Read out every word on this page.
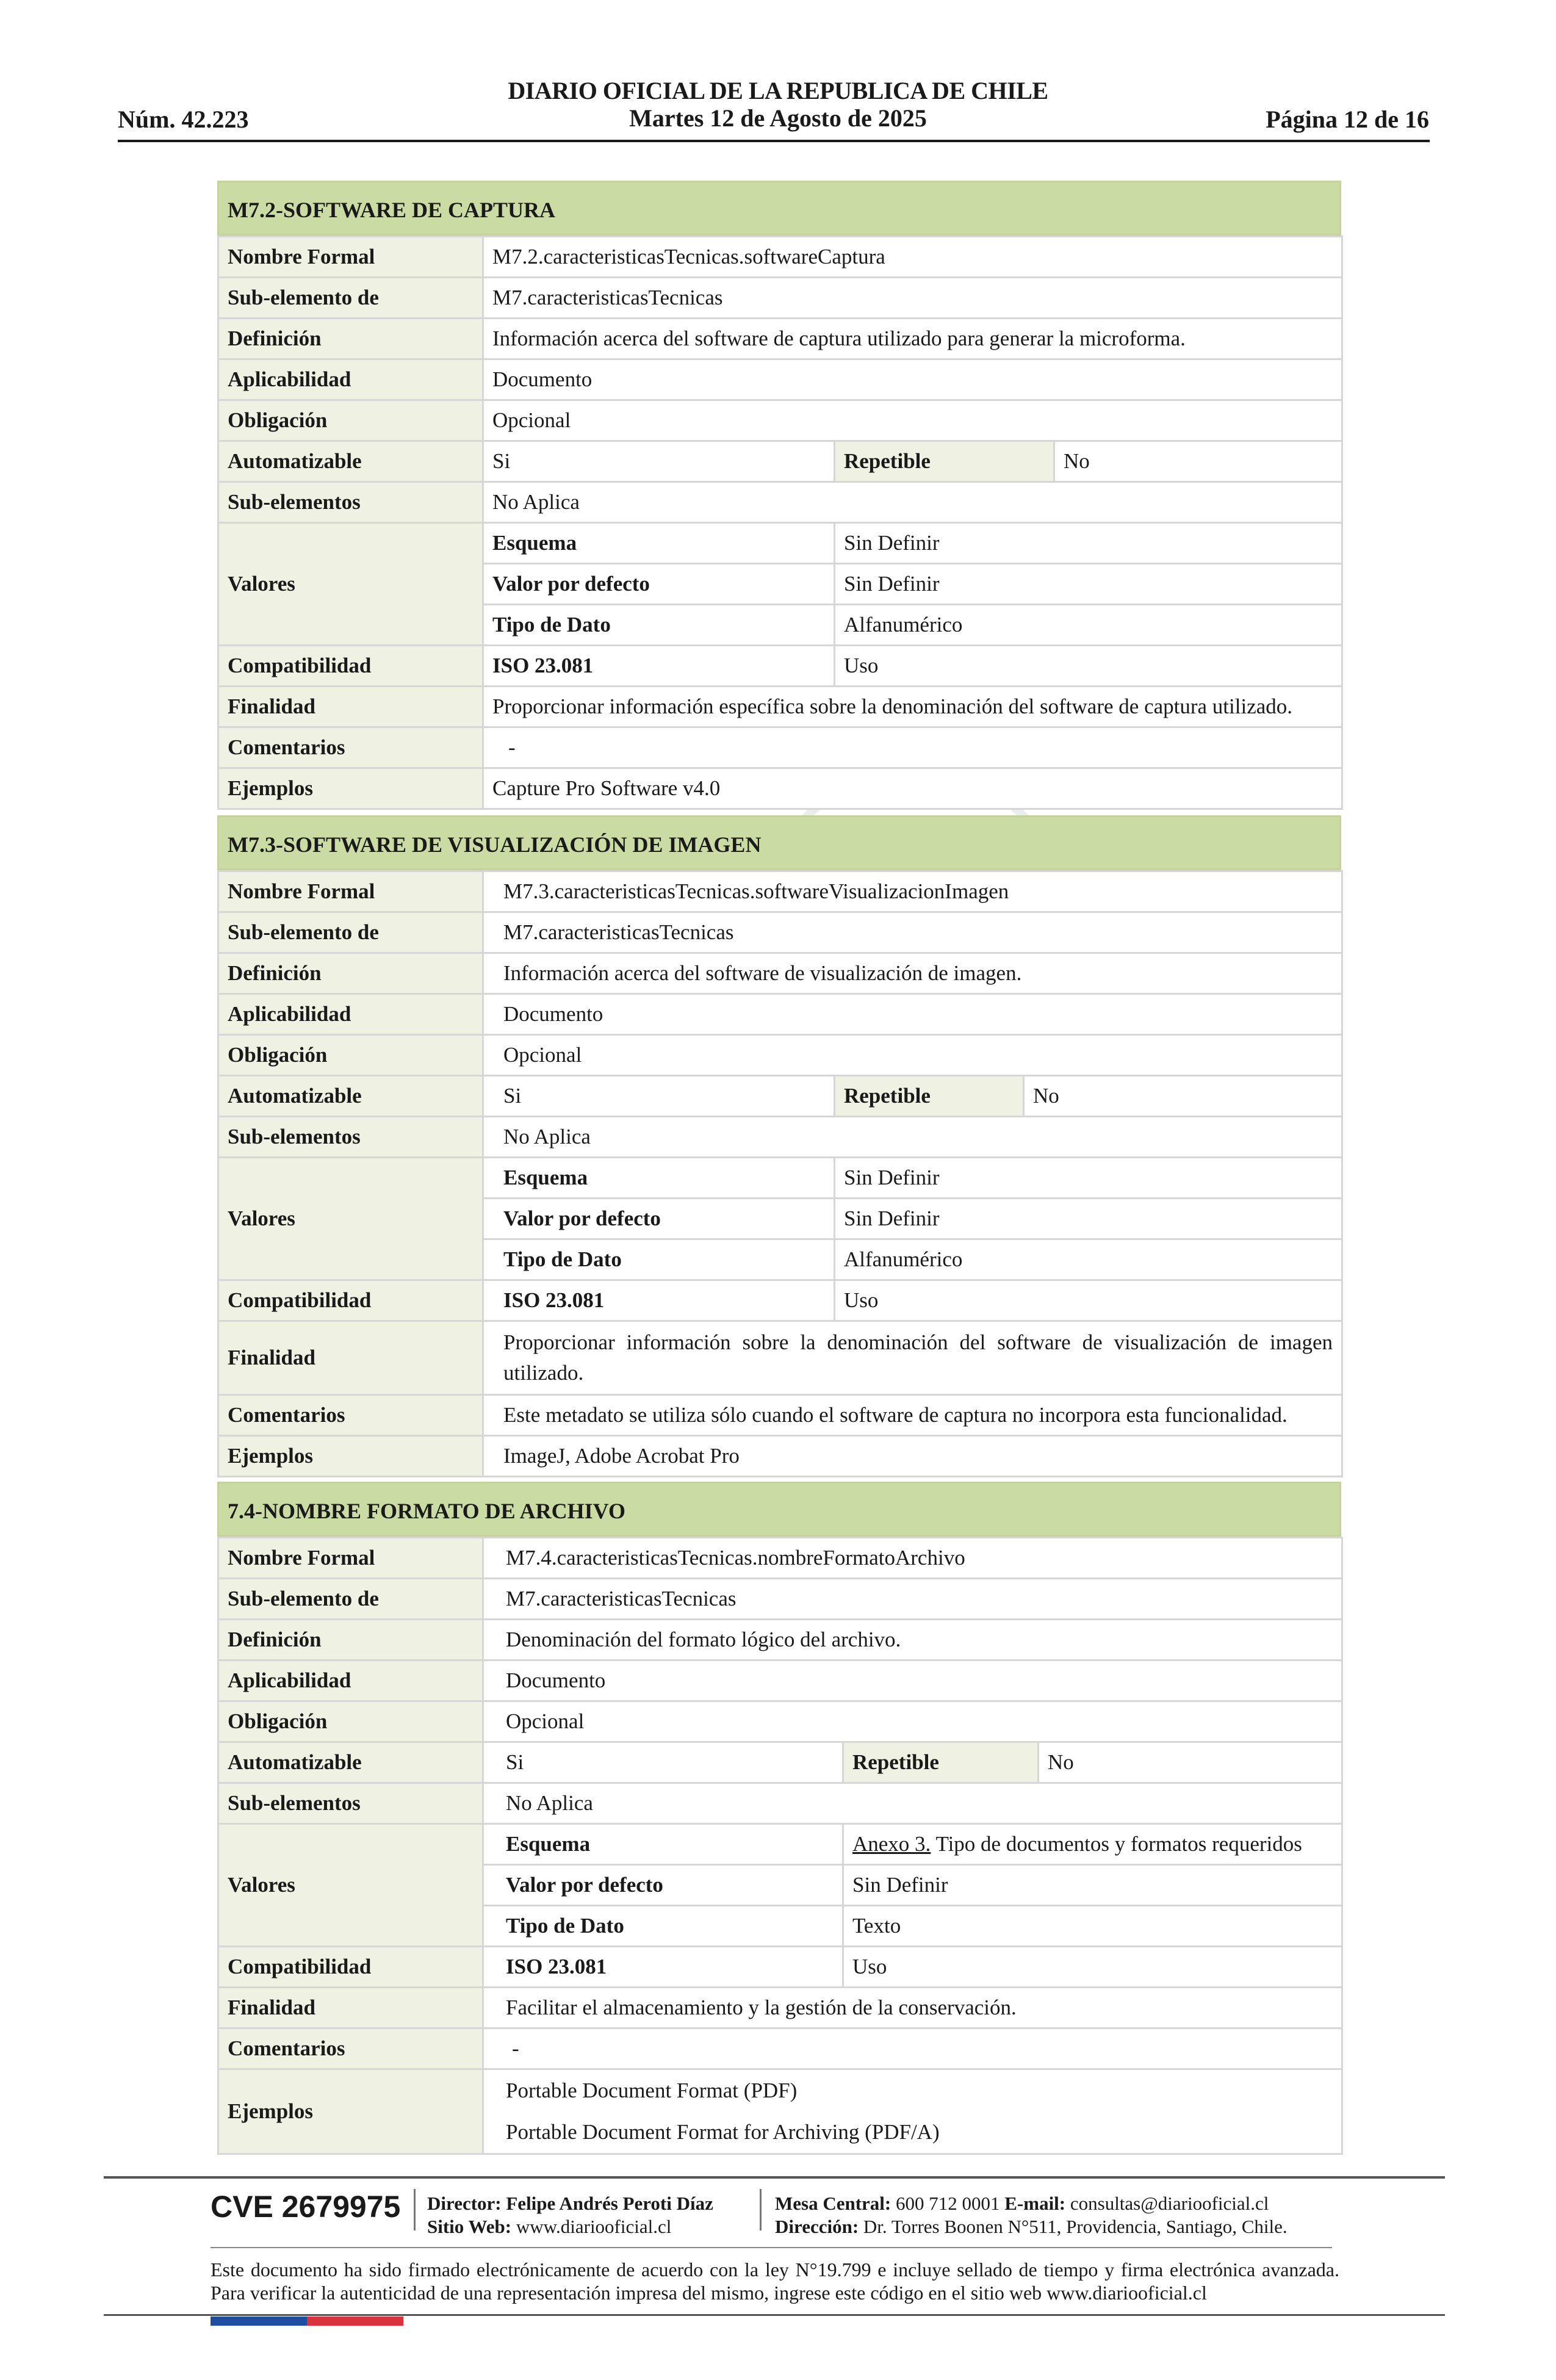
DIARIO OFICIAL DE LA REPUBLICA DE CHILE
Martes 12 de Agosto de 2025
Núm. 42.223	Página 12 de 16
M7.2-SOFTWARE DE CAPTURA
Nombre Formal	M7.2.caracteristicasTecnicas.softwareCaptura		
Sub-elemento de	M7.caracteristicasTecnicas		
Definición	Información acerca del software de captura utilizado para generar la microforma.		
Aplicabilidad	Documento		
Obligación	Opcional		
Automatizable	Si	Repetible	No
Sub-elementos	No Aplica		
Valores	Esquema	Sin Definir	
	Valor por defecto	Sin Definir	
	Tipo de Dato	Alfanumérico	
Compatibilidad	ISO 23.081	Uso	
Finalidad	Proporcionar información específica sobre la denominación del software de captura utilizado.		
Comentarios	-		
Ejemplos	Capture Pro Software v4.0		
M7.3-SOFTWARE DE VISUALIZACIÓN DE IMAGEN
Nombre Formal	M7.3.caracteristicasTecnicas.softwareVisualizacionImagen		
Sub-elemento de	M7.caracteristicasTecnicas		
Definición	Información acerca del software de visualización de imagen.		
Aplicabilidad	Documento		
Obligación	Opcional		
Automatizable	Si	Repetible	No
Sub-elementos	No Aplica		
Valores	Esquema	Sin Definir	
	Valor por defecto	Sin Definir	
	Tipo de Dato	Alfanumérico	
Compatibilidad	ISO 23.081	Uso	
Finalidad	Proporcionar información sobre la denominación del software de visualización de imagen utilizado.		
Comentarios	Este metadato se utiliza sólo cuando el software de captura no incorpora esta funcionalidad.		
Ejemplos	ImageJ, Adobe Acrobat Pro		
7.4-NOMBRE FORMATO DE ARCHIVO
Nombre Formal	M7.4.caracteristicasTecnicas.nombreFormatoArchivo		
Sub-elemento de	M7.caracteristicasTecnicas		
Definición	Denominación del formato lógico del archivo.		
Aplicabilidad	Documento		
Obligación	Opcional		
Automatizable	Si	Repetible	No
Sub-elementos	No Aplica		
Valores	Esquema	Anexo 3. Tipo de documentos y formatos requeridos	
	Valor por defecto	Sin Definir	
	Tipo de Dato	Texto	
Compatibilidad	ISO 23.081	Uso	
Finalidad	Facilitar el almacenamiento y la gestión de la conservación.		
Comentarios	-		
Ejemplos	Portable Document Format (PDF)
Portable Document Format for Archiving (PDF/A)		
CVE 2679975 Director: Felipe Andrés Peroti Díaz
Sitio Web: www.diariooficial.cl
Mesa Central: 600 712 0001 E-mail: consultas@diariooficial.cl
Dirección: Dr. Torres Boonen N°511, Providencia, Santiago, Chile.
Este documento ha sido firmado electrónicamente de acuerdo con la ley N°19.799 e incluye sellado de tiempo y firma electrónica avanzada. Para verificar la autenticidad de una representación impresa del mismo, ingrese este código en el sitio web www.diariooficial.cl
